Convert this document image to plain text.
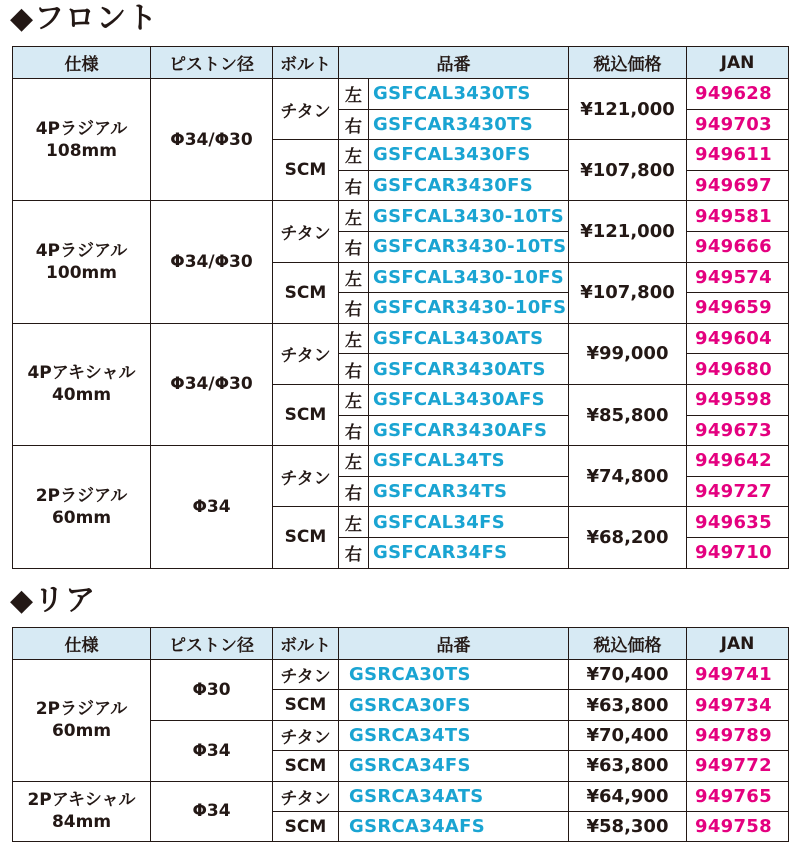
◆フロント
仕様	ピストン径	ボルト	品番		税込価格	JAN
4Pラジアル
108mm	Φ34/Φ30	チタン	左	GSFCAL3430TS	¥121,000	949628
			右	GSFCAR3430TS		949703
		SCM	左	GSFCAL3430FS	¥107,800	949611
			右	GSFCAR3430FS		949697
4Pラジアル
100mm	Φ34/Φ30	チタン	左	GSFCAL3430-10TS	¥121,000	949581
			右	GSFCAR3430-10TS		949666
		SCM	左	GSFCAL3430-10FS	¥107,800	949574
			右	GSFCAR3430-10FS		949659
4Pアキシャル
40mm	Φ34/Φ30	チタン	左	GSFCAL3430ATS	¥99,000	949604
			右	GSFCAR3430ATS		949680
		SCM	左	GSFCAL3430AFS	¥85,800	949598
			右	GSFCAR3430AFS		949673
2Pラジアル
60mm	Φ34	チタン	左	GSFCAL34TS	¥74,800	949642
			右	GSFCAR34TS		949727
		SCM	左	GSFCAL34FS	¥68,200	949635
			右	GSFCAR34FS		949710
◆リア
仕様	ピストン径	ボルト	品番	税込価格	JAN
2Pラジアル
60mm	Φ30	チタン	GSRCA30TS	¥70,400	949741
		SCM	GSRCA30FS	¥63,800	949734
	Φ34	チタン	GSRCA34TS	¥70,400	949789
		SCM	GSRCA34FS	¥63,800	949772
2Pアキシャル
84mm	Φ34	チタン	GSRCA34ATS	¥64,900	949765
		SCM	GSRCA34AFS	¥58,300	949758
